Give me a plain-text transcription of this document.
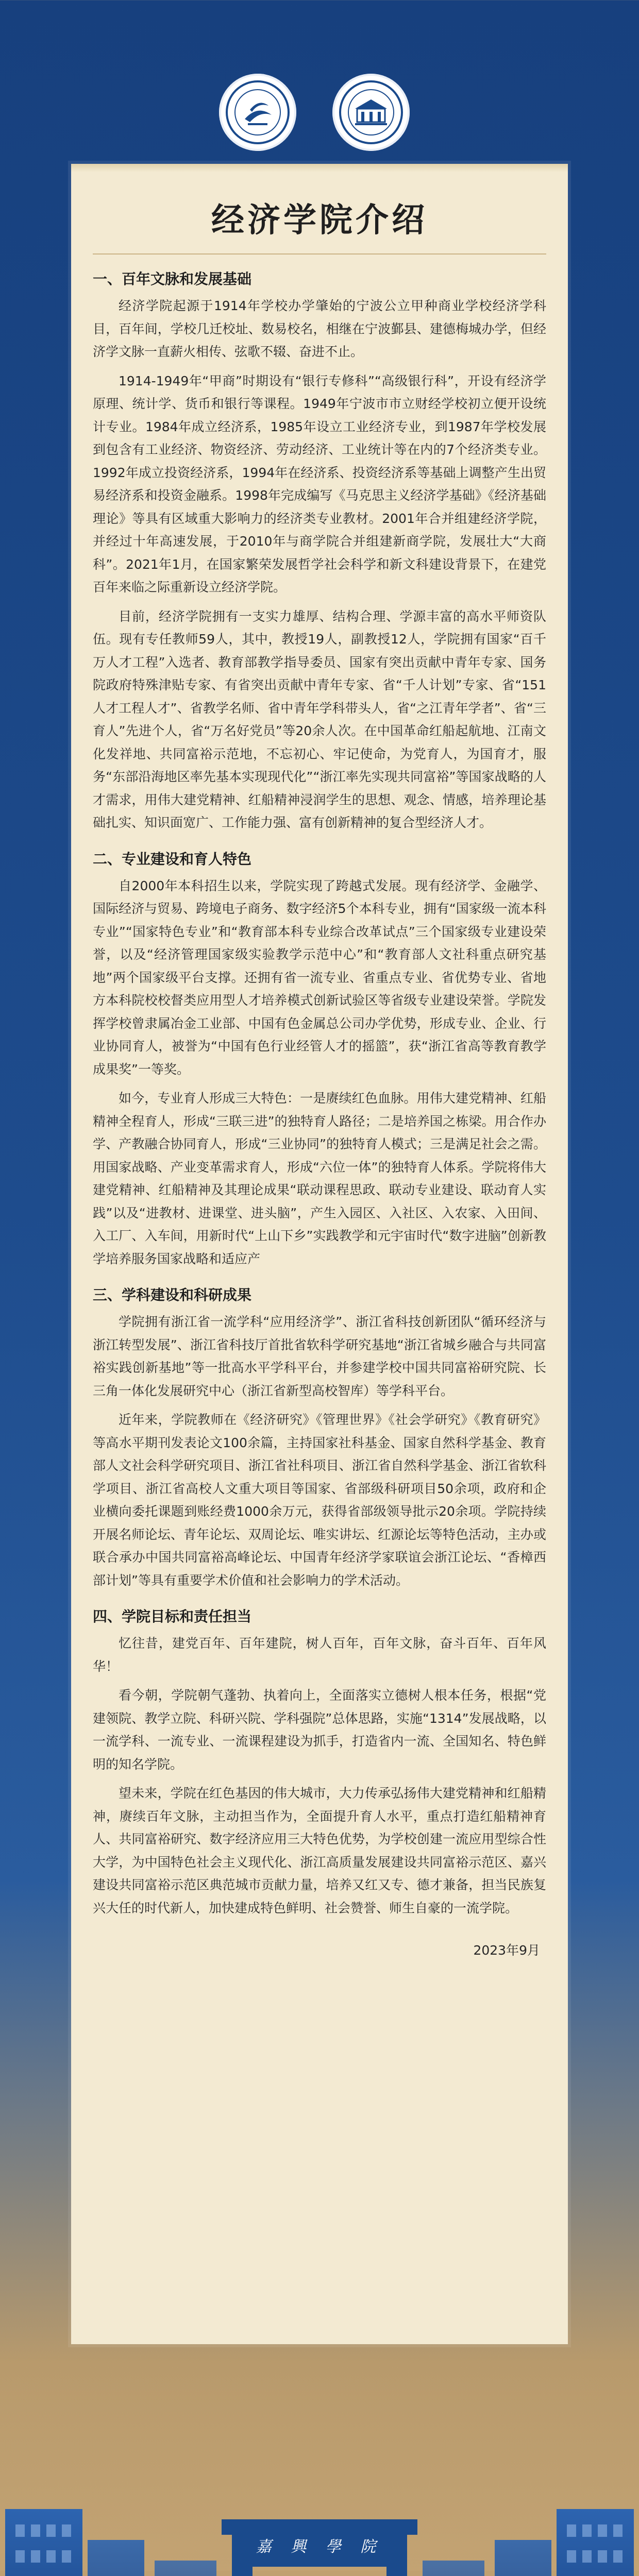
经济学院介绍
一、百年文脉和发展基础

经济学院起源于1914年学校办学肇始的宁波公立甲种商业学校经济学科目，百年间，学校几迁校址、数易校名，相继在宁波鄞县、建德梅城办学，但经济学文脉一直薪火相传、弦歌不辍、奋进不止。

1914-1949年“甲商”时期设有“银行专修科”“高级银行科”，开设有经济学原理、统计学、货币和银行等课程。1949年宁波市市立财经学校初立便开设统计专业。1984年成立经济系，1985年设立工业经济专业，到1987年学校发展到包含有工业经济、物资经济、劳动经济、工业统计等在内的7个经济类专业。1992年成立投资经济系，1994年在经济系、投资经济系等基础上调整产生出贸易经济系和投资金融系。1998年完成编写《马克思主义经济学基础》《经济基础理论》等具有区域重大影响力的经济类专业教材。2001年合并组建经济学院，并经过十年高速发展，于2010年与商学院合并组建新商学院，发展壮大“大商科”。2021年1月，在国家繁荣发展哲学社会科学和新文科建设背景下，在建党百年来临之际重新设立经济学院。

目前，经济学院拥有一支实力雄厚、结构合理、学源丰富的高水平师资队伍。现有专任教师59人，其中，教授19人，副教授12人，学院拥有国家“百千万人才工程”入选者、教育部教学指导委员、国家有突出贡献中青年专家、国务院政府特殊津贴专家、有省突出贡献中青年专家、省“千人计划”专家、省“151人才工程人才”、省教学名师、省中青年学科带头人，省“之江青年学者”、省“三育人”先进个人，省“万名好党员”等20余人次。在中国革命红船起航地、江南文化发祥地、共同富裕示范地，不忘初心、牢记使命，为党育人，为国育才，服务“东部沿海地区率先基本实现现代化”“浙江率先实现共同富裕”等国家战略的人才需求，用伟大建党精神、红船精神浸润学生的思想、观念、情感，培养理论基础扎实、知识面宽广、工作能力强、富有创新精神的复合型经济人才。

二、专业建设和育人特色

自2000年本科招生以来，学院实现了跨越式发展。现有经济学、金融学、国际经济与贸易、跨境电子商务、数字经济5个本科专业，拥有“国家级一流本科专业”“国家特色专业”和“教育部本科专业综合改革试点”三个国家级专业建设荣誉，以及“经济管理国家级实验教学示范中心”和“教育部人文社科重点研究基地”两个国家级平台支撑。还拥有省一流专业、省重点专业、省优势专业、省地方本科院校校督类应用型人才培养模式创新试验区等省级专业建设荣誉。学院发挥学校曾隶属冶金工业部、中国有色金属总公司办学优势，形成专业、企业、行业协同育人，被誉为“中国有色行业经管人才的摇篮”，获“浙江省高等教育教学成果奖”一等奖。

如今，专业育人形成三大特色：一是赓续红色血脉。用伟大建党精神、红船精神全程育人，形成“三联三进”的独特育人路径；二是培养国之栋梁。用合作办学、产教融合协同育人，形成“三业协同”的独特育人模式；三是满足社会之需。用国家战略、产业变革需求育人，形成“六位一体”的独特育人体系。学院将伟大建党精神、红船精神及其理论成果“联动课程思政、联动专业建设、联动育人实践”以及“进教材、进课堂、进头脑”，产生入园区、入社区、入农家、入田间、入工厂、入车间，用新时代“上山下乡”实践教学和元宇宙时代“数字进脑”创新教学培养服务国家战略和适应产

三、学科建设和科研成果

学院拥有浙江省一流学科“应用经济学”、浙江省科技创新团队“循环经济与浙江转型发展”、浙江省科技厅首批省软科学研究基地“浙江省城乡融合与共同富裕实践创新基地”等一批高水平学科平台，并参建学校中国共同富裕研究院、长三角一体化发展研究中心（浙江省新型高校智库）等学科平台。

近年来，学院教师在《经济研究》《管理世界》《社会学研究》《教育研究》等高水平期刊发表论文100余篇，主持国家社科基金、国家自然科学基金、教育部人文社会科学研究项目、浙江省社科项目、浙江省自然科学基金、浙江省软科学项目、浙江省高校人文重大项目等国家、省部级科研项目50余项，政府和企业横向委托课题到账经费1000余万元，获得省部级领导批示20余项。学院持续开展名师论坛、青年论坛、双周论坛、唯实讲坛、红源论坛等特色活动，主办或联合承办中国共同富裕高峰论坛、中国青年经济学家联谊会浙江论坛、“香樟西部计划”等具有重要学术价值和社会影响力的学术活动。

四、学院目标和责任担当

忆往昔，建党百年、百年建院，树人百年，百年文脉，奋斗百年、百年风华！

看今朝，学院朝气蓬勃、执着向上，全面落实立德树人根本任务，根据“党建领院、教学立院、科研兴院、学科强院”总体思路，实施“1314”发展战略，以一流学科、一流专业、一流课程建设为抓手，打造省内一流、全国知名、特色鲜明的知名学院。

望未来，学院在红色基因的伟大城市，大力传承弘扬伟大建党精神和红船精神，赓续百年文脉，主动担当作为，全面提升育人水平，重点打造红船精神育人、共同富裕研究、数字经济应用三大特色优势，为学校创建一流应用型综合性大学，为中国特色社会主义现代化、浙江高质量发展建设共同富裕示范区、嘉兴建设共同富裕示范区典范城市贡献力量，培养又红又专、德才兼备，担当民族复兴大任的时代新人，加快建成特色鲜明、社会赞誉、师生自豪的一流学院。

2023年9月
嘉 興 學 院
